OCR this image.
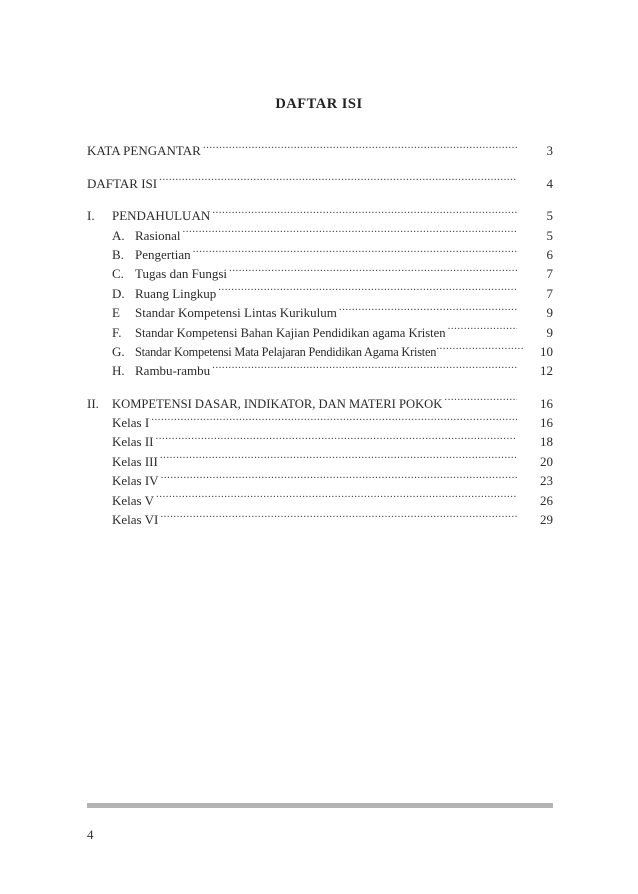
DAFTAR ISI
KATA PENGANTAR .....	3
DAFTAR ISI .....	4
I.	PENDAHULUAN .....	5
A. Rasional .....	5
B. Pengertian .....	6
C. Tugas dan Fungsi .....	7
D. Ruang Lingkup .....	7
E	Standar Kompetensi Lintas Kurikulum .....	9
F.	Standar Kompetensi Bahan Kajian Pendidikan agama Kristen .....	9
G. Standar Kompetensi Mata Pelajaran Pendidikan Agama Kristen .....	10
H. Rambu-rambu .....	12
II.	KOMPETENSI DASAR, INDIKATOR, DAN MATERI POKOK .....	16
Kelas I .....	16
Kelas II .....	18
Kelas III .....	20
Kelas IV .....	23
Kelas V .....	26
Kelas VI .....	29
4
